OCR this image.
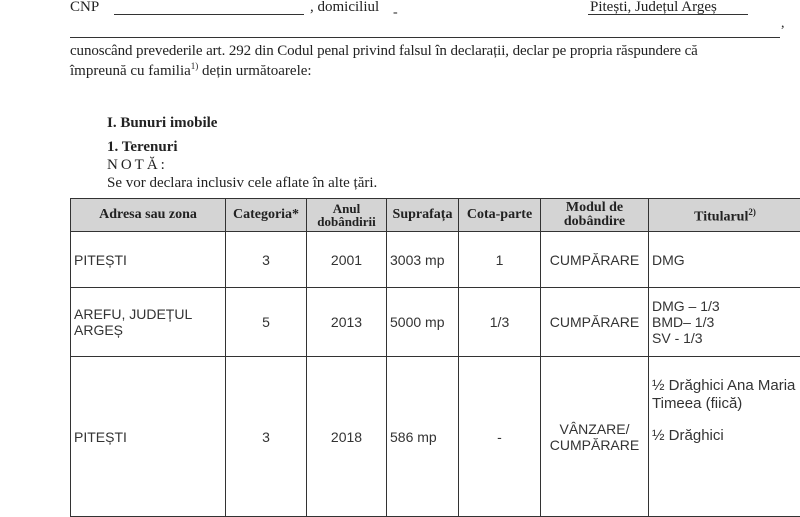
CNP	, domiciliul -	Pitești, Județul Argeș
,
cunoscând prevederile art. 292 din Codul penal privind falsul în declarații, declar pe propria răspundere că
împreună cu familia$^{1)}$ dețin următoarele:
I. Bunuri imobile
1. Terenuri
NOTĂ:
Se vor declara inclusiv cele aflate în alte țări.
Adresa sau zona	Categoria*	Anul dobândirii	Suprafața	Cota-parte	Modul de dobândire	Titularul$^{2)}$
PITEȘTI	3	2001	3003 mp	1	CUMPĂRARE	DMG

AREFU, JUDEȚUL ARGEȘ	5	2013	5000 mp	1/3	CUMPĂRARE	DMG – 1/3
BMD– 1/3
SV - 1/3

PITEȘTI	3	2018	586 mp	-	VÂNZARE/ CUMPĂRARE	½ Drăghici Ana Maria Timeea (fiică)
½ Drăghici
